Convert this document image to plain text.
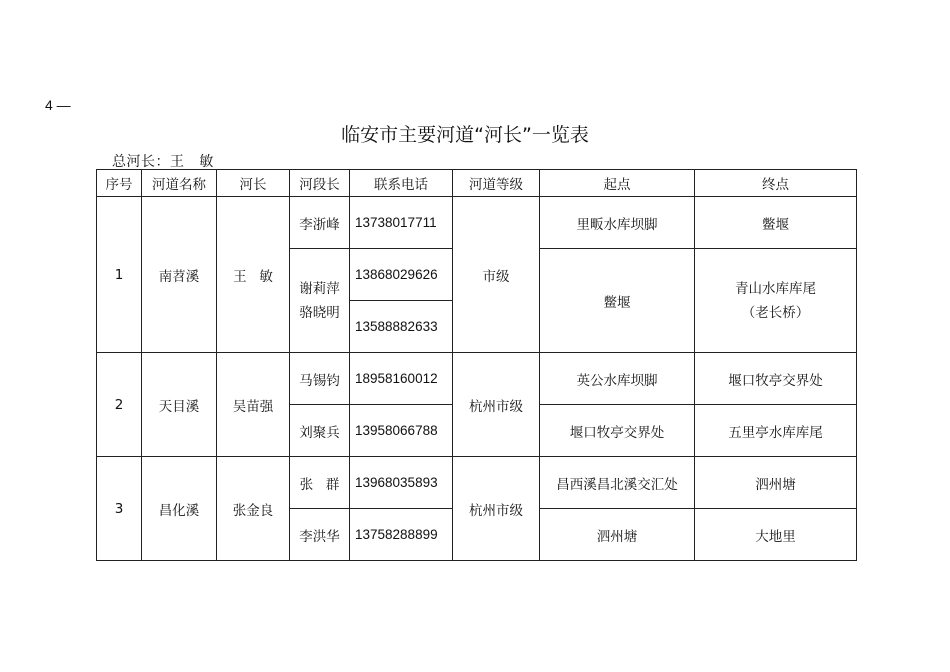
4 —
临安市主要河道“河长”一览表
总河长：王   敏
序号	河道名称	河长	河段长	联系电话	河道等级	起点	终点
1	南苕溪	王   敏	李浙峰	13738017711	市级	里畈水库坝脚	鳖堰

			谢莉萍骆晓明	13868029626		鳖堰	青山水库库尾（老长桥）
				13588882633			
2	天目溪	吴苗强	马锡钧	18958160012	杭州市级	英公水库坝脚	堰口牧亭交界处
			刘聚兵	13958066788		堰口牧亭交界处	五里亭水库库尾
3	昌化溪	张金良	张   群	13968035893	杭州市级	昌西溪昌北溪交汇处	泗州塘
			李洪华	13758288899		泗州塘	大地里
